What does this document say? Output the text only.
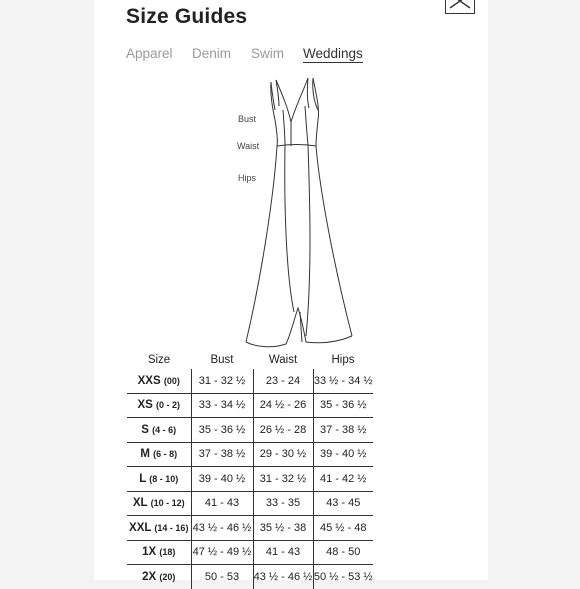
Size Guides
Apparel Denim Swim Weddings
Bust
Waist
Hips
Size	Bust	Waist	Hips
XXS (00)	31 - 32 ½	23 - 24	33 ½ - 34 ½
XS (0 - 2)	33 - 34 ½	24 ½ - 26	35 - 36 ½
S (4 - 6)	35 - 36 ½	26 ½ - 28	37 - 38 ½
M (6 - 8)	37 - 38 ½	29 - 30 ½	39 - 40 ½
L (8 - 10)	39 - 40 ½	31 - 32 ½	41 - 42 ½
XL (10 - 12)	41 - 43	33 - 35	43 - 45
XXL (14 - 16)	43 ½ - 46 ½	35 ½ - 38	45 ½ - 48
1X (18)	47 ½ - 49 ½	41 - 43	48 - 50
2X (20)	50 - 53	43 ½ - 46 ½	50 ½ - 53 ½
